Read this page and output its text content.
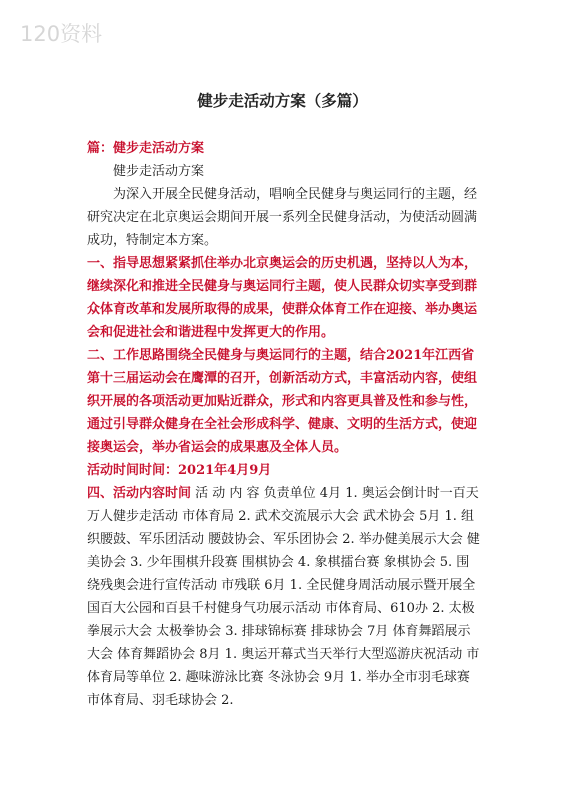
120资料
健步走活动方案（多篇）

篇：健步走活动方案

健步走活动方案

为深入开展全民健身活动，唱响全民健身与奥运同行的主题，经研究决定在北京奥运会期间开展一系列全民健身活动，为使活动圆满成功，特制定本方案。

一、指导思想紧紧抓住举办北京奥运会的历史机遇，坚持以人为本，继续深化和推进全民健身与奥运同行主题，使人民群众切实享受到群众体育改革和发展所取得的成果，使群众体育工作在迎接、举办奥运会和促进社会和谐进程中发挥更大的作用。

二、工作思路围绕全民健身与奥运同行的主题，结合2021年江西省第十三届运动会在鹰潭的召开，创新活动方式，丰富活动内容，使组织开展的各项活动更加贴近群众，形式和内容更具普及性和参与性，通过引导群众健身在全社会形成科学、健康、文明的生活方式，使迎接奥运会，举办省运会的成果惠及全体人员。

活动时间时间：2021年4月9月

四、活动内容时间 活 动 内 容 负责单位 4月 1. 奥运会倒计时一百天万人健步走活动 市体育局 2. 武术交流展示大会 武术协会 5月 1. 组织腰鼓、军乐团活动 腰鼓协会、军乐团协会 2. 举办健美展示大会 健美协会 3. 少年围棋升段赛 围棋协会 4. 象棋擂台赛 象棋协会 5. 围绕残奥会进行宣传活动 市残联 6月 1. 全民健身周活动展示暨开展全国百大公园和百县千村健身气功展示活动 市体育局、610办 2. 太极拳展示大会 太极拳协会 3. 排球锦标赛 排球协会 7月 体育舞蹈展示大会 体育舞蹈协会 8月 1. 奥运开幕式当天举行大型巡游庆祝活动 市体育局等单位 2. 趣味游泳比赛 冬泳协会 9月 1. 举办全市羽毛球赛 市体育局、羽毛球协会 2.
